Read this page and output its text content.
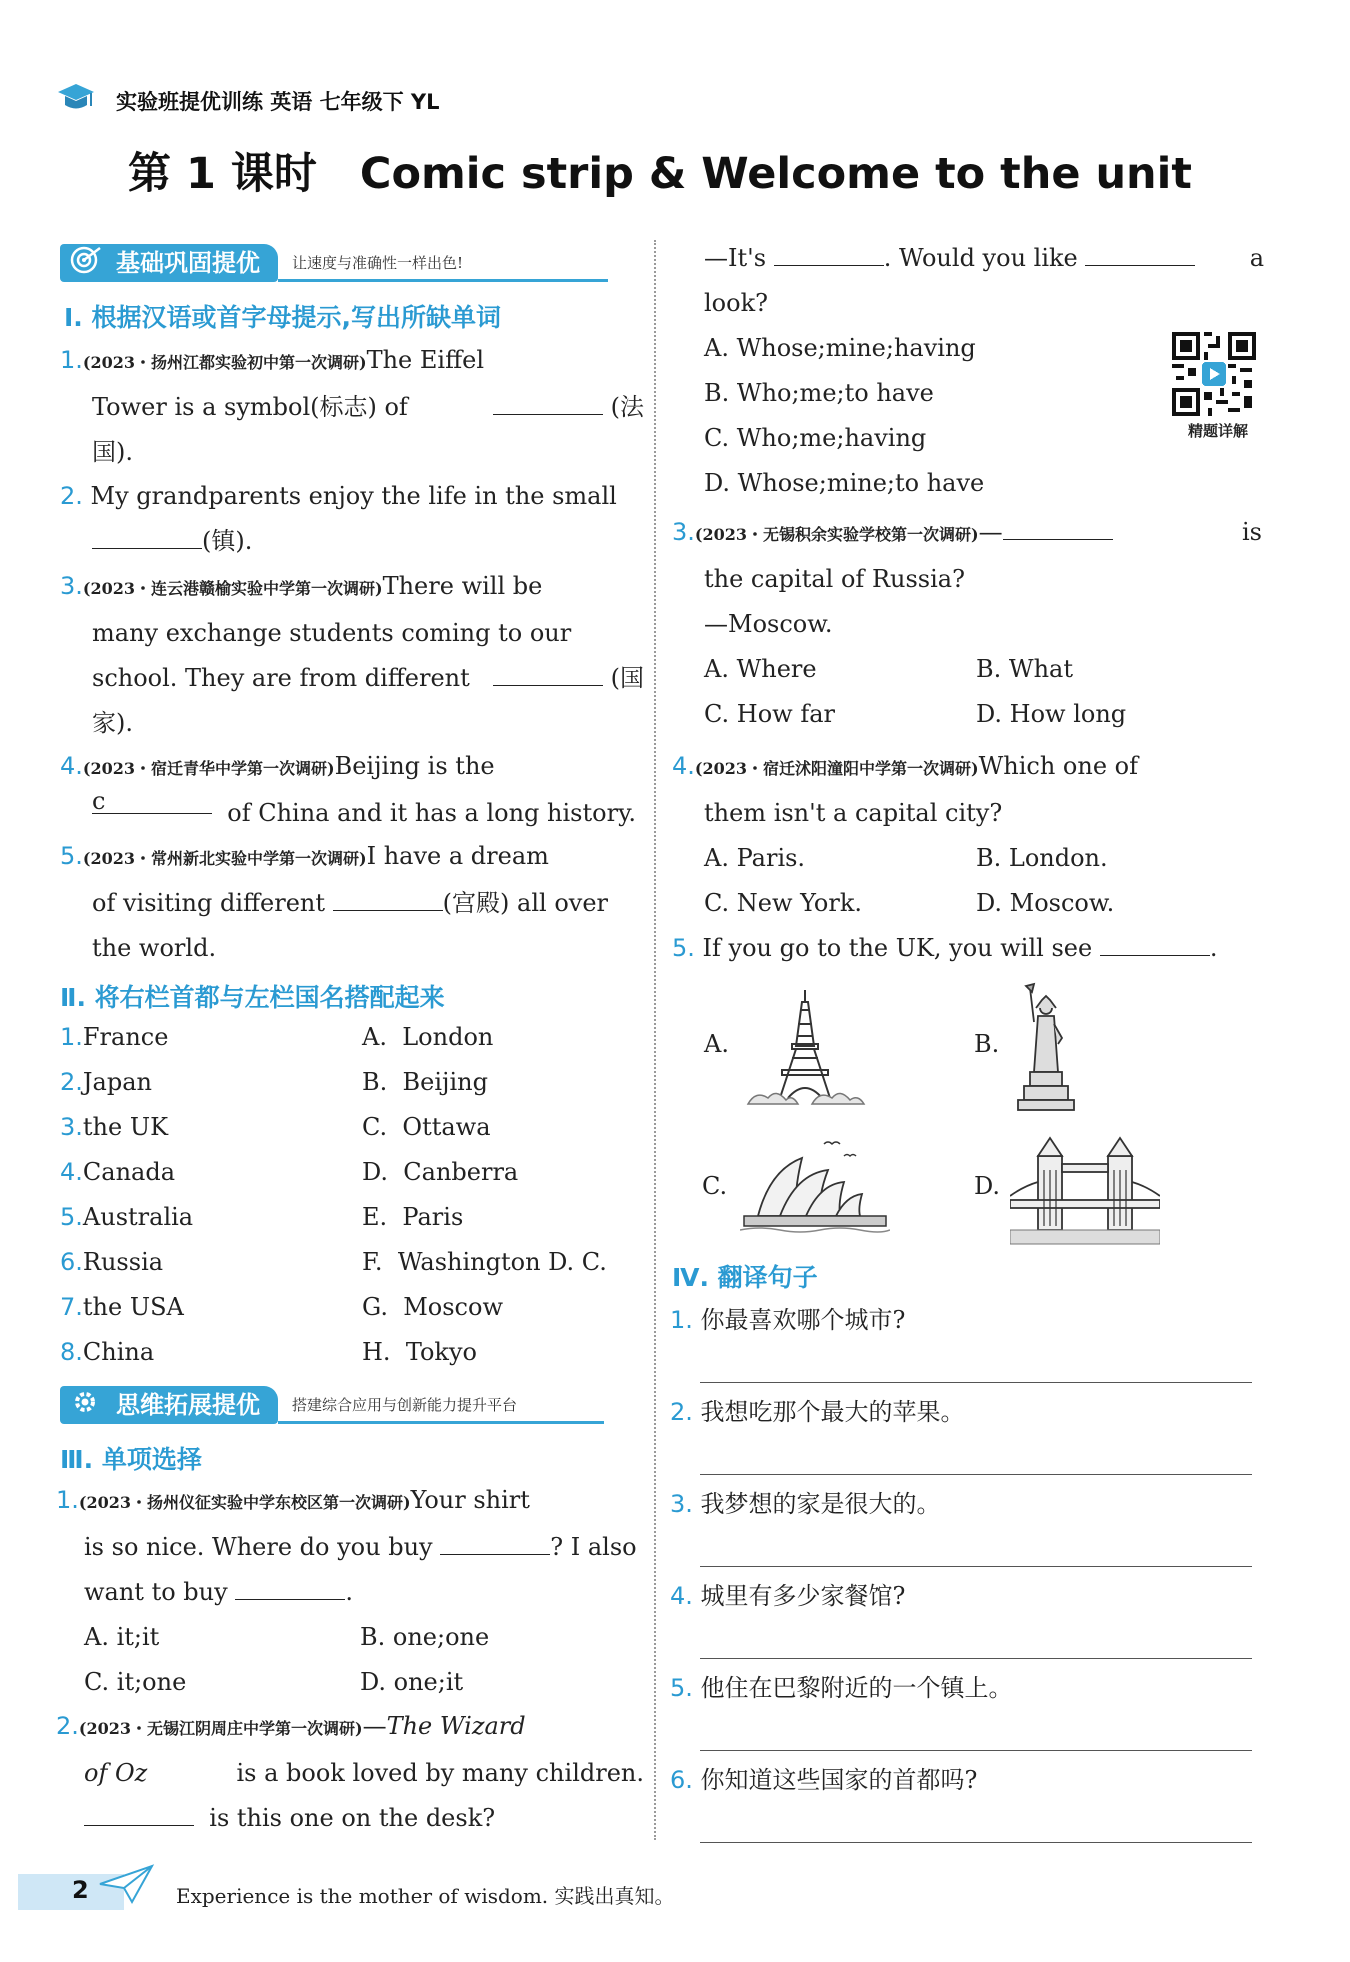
实验班提优训练 英语 七年级下 YL
第 1 课时　Comic strip & Welcome to the unit
基础巩固提优	让速度与准确性一样出色!
Ⅰ. 根据汉语或首字母提示,写出所缺单词
1.(2023・扬州江都实验初中第一次调研)The Eiffel
Tower is a symbol(标志) of	(法
国).
2. My grandparents enjoy the life in the small
(镇).
3.(2023・连云港赣榆实验中学第一次调研)There will be
many exchange students coming to our
school. They are from different	(国
家).
4.(2023・宿迁青华中学第一次调研)Beijing is the
c	of China and it has a long history.
5.(2023・常州新北实验中学第一次调研)I have a dream
of visiting different	(宫殿) all over
the world.
Ⅱ. 将右栏首都与左栏国名搭配起来
1.France	A. London
2.Japan	B. Beijing
3.the UK	C. Ottawa
4.Canada	D. Canberra
5.Australia	E. Paris
6.Russia	F. Washington D. C.
7.the USA	G. Moscow
8.China	H. Tokyo
思维拓展提优	搭建综合应用与创新能力提升平台
Ⅲ. 单项选择
1.(2023・扬州仪征实验中学东校区第一次调研)Your shirt
is so nice. Where do you buy	? I also
want to buy	.
A. it;it	B. one;one
C. it;one	D. one;it
2.(2023・无锡江阴周庄中学第一次调研)—The Wizard
of Oz	is a book loved by many children.
is this one on the desk?
—It's	. Would you like	a
look?
A. Whose;mine;having
B. Who;me;to have
C. Who;me;having
D. Whose;mine;to have
精题详解
3.(2023・无锡积余实验学校第一次调研)—	is
the capital of Russia?
—Moscow.
A. Where	B. What
C. How far	D. How long
4.(2023・宿迁沭阳潼阳中学第一次调研)Which one of
them isn't a capital city?
A. Paris.	B. London.
C. New York.	D. Moscow.
5. If you go to the UK, you will see	.
A.	B.
C.	D.
Ⅳ. 翻译句子
1. 你最喜欢哪个城市?
2. 我想吃那个最大的苹果。
3. 我梦想的家是很大的。
4. 城里有多少家餐馆?
5. 他住在巴黎附近的一个镇上。
6. 你知道这些国家的首都吗?
2	Experience is the mother of wisdom. 实践出真知。
